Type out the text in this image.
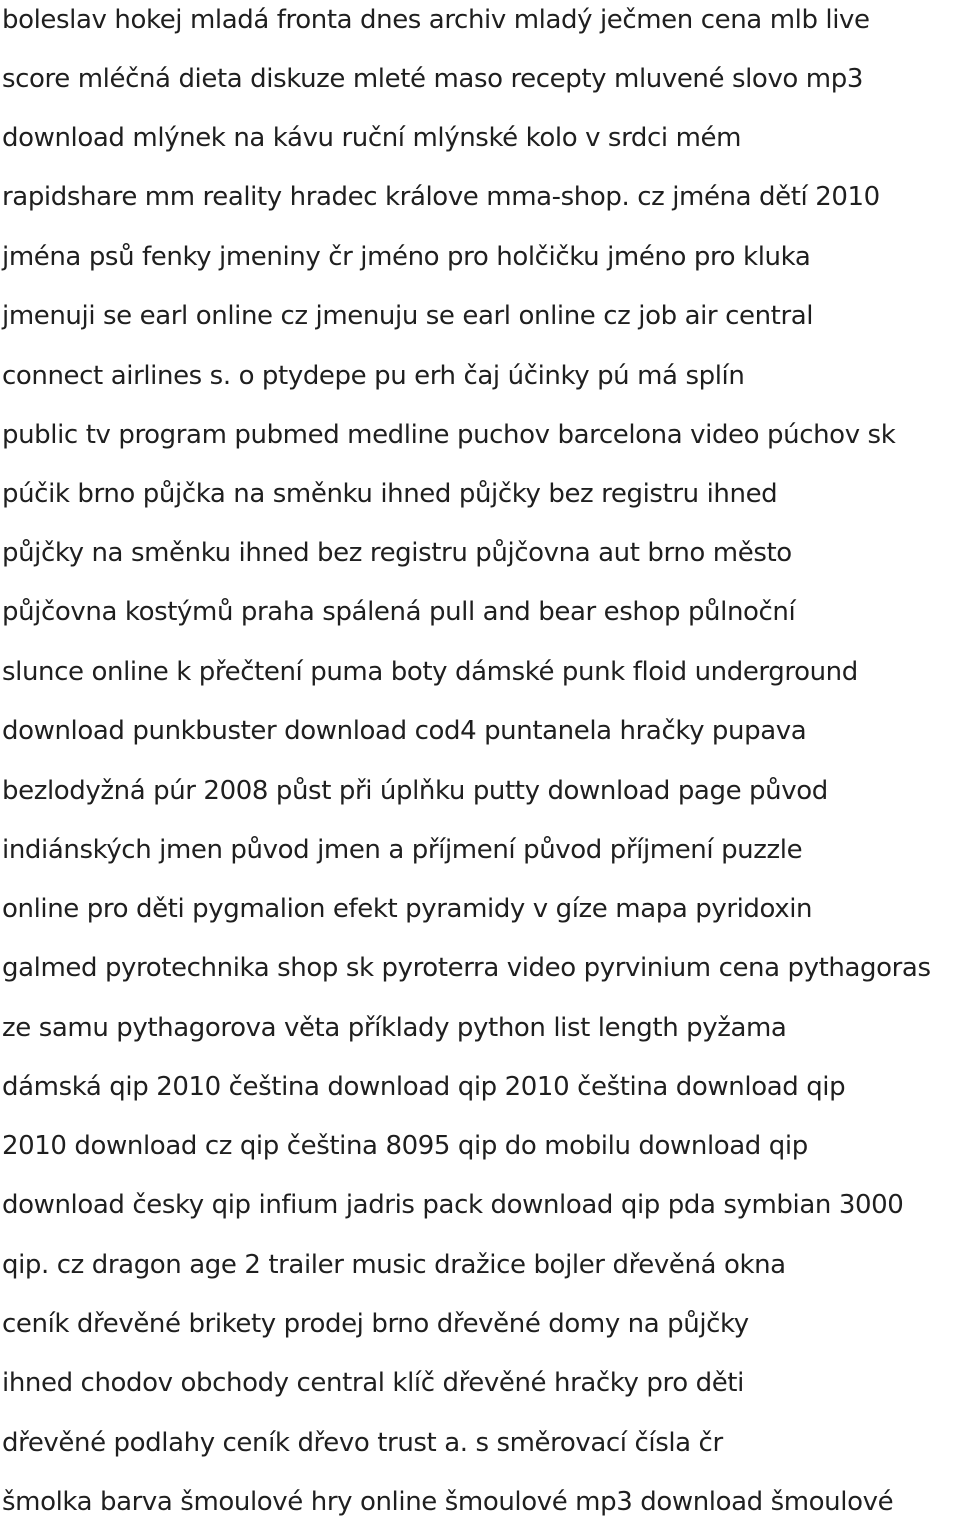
boleslav hokej mladá fronta dnes archiv mladý ječmen cena mlb live
score mléčná dieta diskuze mleté maso recepty mluvené slovo mp3
download mlýnek na kávu ruční mlýnské kolo v srdci mém
rapidshare mm reality hradec králove mma-shop. cz jména dětí 2010
jména psů fenky jmeniny čr jméno pro holčičku jméno pro kluka
jmenuji se earl online cz jmenuju se earl online cz job air central
connect airlines s. o ptydepe pu erh čaj účinky pú má splín
public tv program pubmed medline puchov barcelona video púchov sk
púčik brno půjčka na směnku ihned půjčky bez registru ihned
půjčky na směnku ihned bez registru půjčovna aut brno město
půjčovna kostýmů praha spálená pull and bear eshop půlnoční
slunce online k přečtení puma boty dámské punk floid underground
download punkbuster download cod4 puntanela hračky pupava
bezlodyžná púr 2008 půst při úplňku putty download page původ
indiánských jmen původ jmen a příjmení původ příjmení puzzle
online pro děti pygmalion efekt pyramidy v gíze mapa pyridoxin
galmed pyrotechnika shop sk pyroterra video pyrvinium cena pythagoras
ze samu pythagorova věta příklady python list length pyžama
dámská qip 2010 čeština download qip 2010 čeština download qip
2010 download cz qip čeština 8095 qip do mobilu download qip
download česky qip infium jadris pack download qip pda symbian 3000
qip. cz dragon age 2 trailer music dražice bojler dřevěná okna
ceník dřevěné brikety prodej brno dřevěné domy na půjčky
ihned chodov obchody central klíč dřevěné hračky pro děti
dřevěné podlahy ceník dřevo trust a. s směrovací čísla čr
šmolka barva šmoulové hry online šmoulové mp3 download šmoulové
